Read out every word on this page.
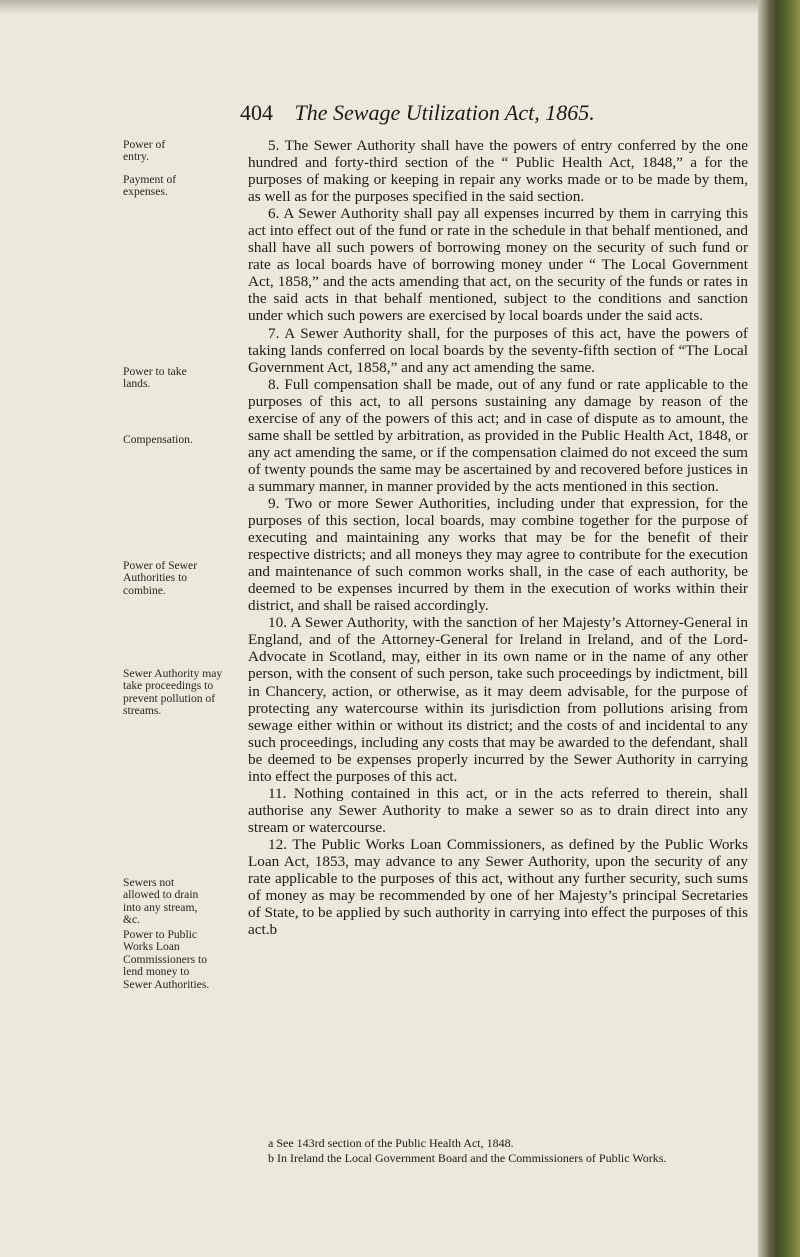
404 The Sewage Utilization Act, 1865.
Power of entry.
Payment of expenses.
Power to take lands.
Compensation.
Power of Sewer Authorities to combine.
Sewer Authority may take proceedings to prevent pollution of streams.
Sewers not allowed to drain into any stream, &c.
Power to Public Works Loan Commissioners to lend money to Sewer Authorities.

5. The Sewer Authority shall have the powers of entry conferred by the one hundred and forty-third section of the “ Public Health Act, 1848,” a for the purposes of making or keeping in repair any works made or to be made by them, as well as for the purposes specified in the said section.

6. A Sewer Authority shall pay all expenses incurred by them in carrying this act into effect out of the fund or rate in the schedule in that behalf mentioned, and shall have all such powers of borrowing money on the security of such fund or rate as local boards have of borrowing money under “ The Local Government Act, 1858,” and the acts amending that act, on the security of the funds or rates in the said acts in that behalf mentioned, subject to the conditions and sanction under which such powers are exercised by local boards under the said acts.

7. A Sewer Authority shall, for the purposes of this act, have the powers of taking lands conferred on local boards by the seventy-fifth section of “The Local Government Act, 1858,” and any act amending the same.

8. Full compensation shall be made, out of any fund or rate applicable to the purposes of this act, to all persons sustaining any damage by reason of the exercise of any of the powers of this act; and in case of dispute as to amount, the same shall be settled by arbitration, as provided in the Public Health Act, 1848, or any act amending the same, or if the compensation claimed do not exceed the sum of twenty pounds the same may be ascertained by and recovered before justices in a summary manner, in manner provided by the acts mentioned in this section.

9. Two or more Sewer Authorities, including under that expression, for the purposes of this section, local boards, may combine together for the purpose of executing and maintaining any works that may be for the benefit of their respective districts; and all moneys they may agree to contribute for the execution and maintenance of such common works shall, in the case of each authority, be deemed to be expenses incurred by them in the execution of works within their district, and shall be raised accordingly.

10. A Sewer Authority, with the sanction of her Majesty’s Attorney-General in England, and of the Attorney-General for Ireland in Ireland, and of the Lord-Advocate in Scotland, may, either in its own name or in the name of any other person, with the consent of such person, take such proceedings by indictment, bill in Chancery, action, or otherwise, as it may deem advisable, for the purpose of protecting any watercourse within its jurisdiction from pollutions arising from sewage either within or without its district; and the costs of and incidental to any such proceedings, including any costs that may be awarded to the defendant, shall be deemed to be expenses properly incurred by the Sewer Authority in carrying into effect the purposes of this act.

11. Nothing contained in this act, or in the acts referred to therein, shall authorise any Sewer Authority to make a sewer so as to drain direct into any stream or watercourse.

12. The Public Works Loan Commissioners, as defined by the Public Works Loan Act, 1853, may advance to any Sewer Authority, upon the security of any rate applicable to the purposes of this act, without any further security, such sums of money as may be recommended by one of her Majesty’s principal Secretaries of State, to be applied by such authority in carrying into effect the purposes of this act.b

a See 143rd section of the Public Health Act, 1848.

b In Ireland the Local Government Board and the Commissioners of Public Works.
